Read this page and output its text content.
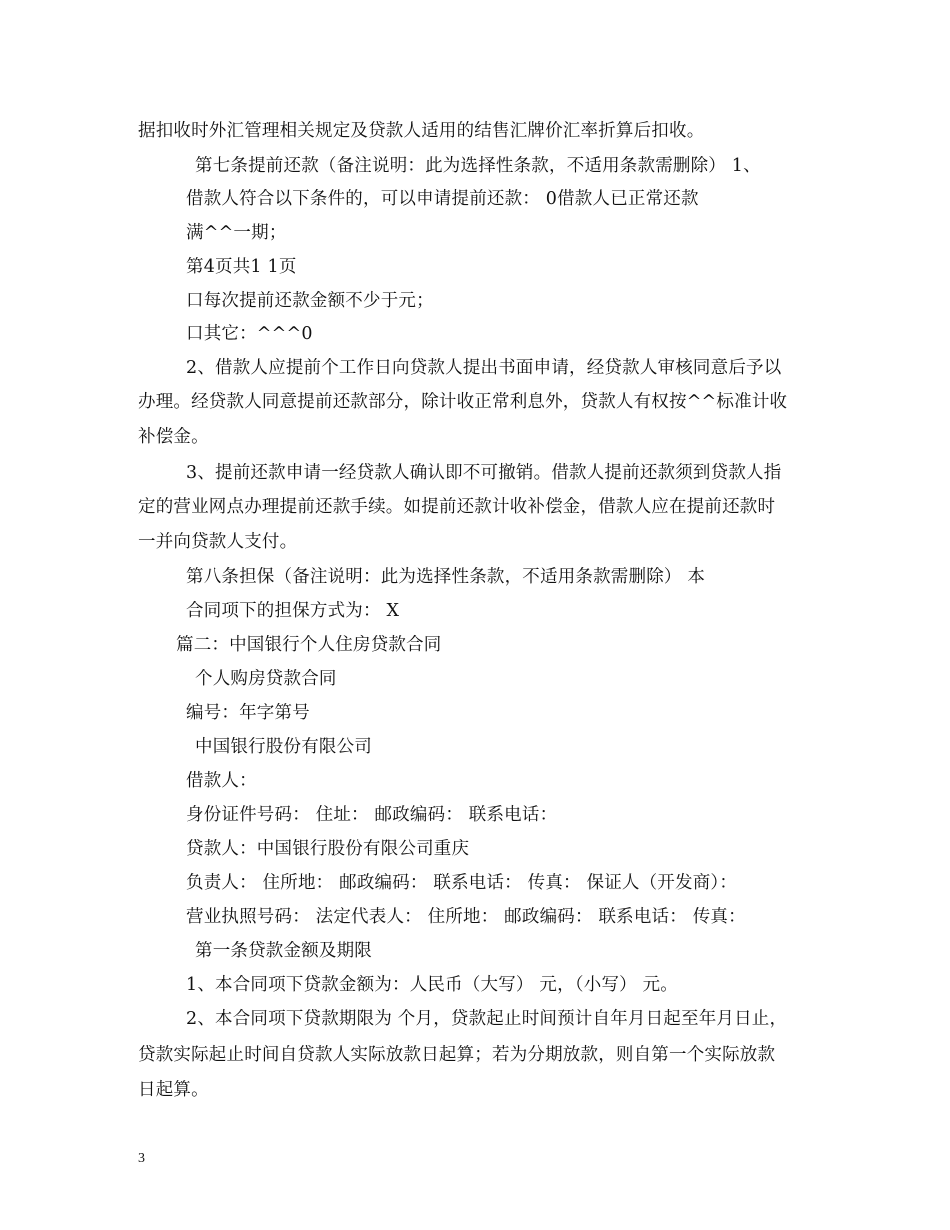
据扣收时外汇管理相关规定及贷款人适用的结售汇牌价汇率折算后扣收。
第七条提前还款（备注说明：此为选择性条款，不适用条款需删除） 1、
借款人符合以下条件的，可以申请提前还款： 0借款人已正常还款
满^^一期；
第4页共1 1页
口每次提前还款金额不少于元；
口其它：^^^0
2、借款人应提前个工作日向贷款人提出书面申请，经贷款人审核同意后予以
办理。经贷款人同意提前还款部分，除计收正常利息外，贷款人有权按^^标准计收
补偿金。
3、提前还款申请一经贷款人确认即不可撤销。借款人提前还款须到贷款人指
定的营业网点办理提前还款手续。如提前还款计收补偿金，借款人应在提前还款时
一并向贷款人支付。
第八条担保（备注说明：此为选择性条款，不适用条款需删除） 本
合同项下的担保方式为： X
篇二：中国银行个人住房贷款合同
个人购房贷款合同
编号：年字第号
中国银行股份有限公司
借款人：
身份证件号码： 住址： 邮政编码： 联系电话：
贷款人：中国银行股份有限公司重庆
负责人： 住所地： 邮政编码： 联系电话： 传真： 保证人（开发商）：
营业执照号码： 法定代表人： 住所地： 邮政编码： 联系电话： 传真：
第一条贷款金额及期限
1、本合同项下贷款金额为：人民币（大写） 元，（小写） 元。
2、本合同项下贷款期限为 个月，贷款起止时间预计自年月日起至年月日止，
贷款实际起止时间自贷款人实际放款日起算；若为分期放款，则自第一个实际放款
日起算。
3
